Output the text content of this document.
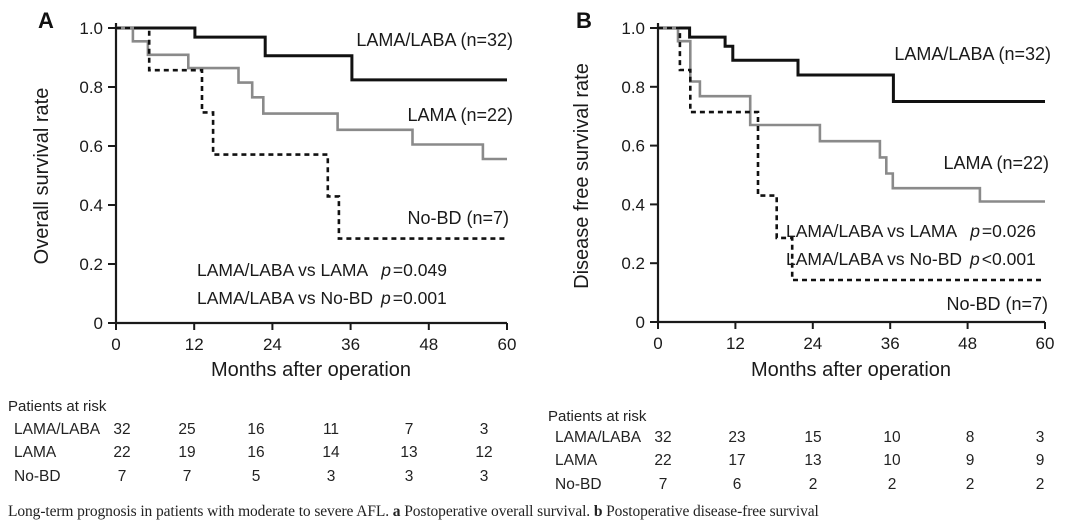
A
Overall survival rate
Months after operation
0	12	24	36	48	60
1.0
0.8
0.6
0.4
0.2
0
LAMA/LABA (n=32)
LAMA (n=22)
No-BD (n=7)
LAMA/LABA vs LAMA p =0.049
LAMA/LABA vs No-BD p =0.001
B
Disease free survival rate
Months after operation
0	12	24	36	48	60
1.0
0.8
0.6
0.4
0.2
0
LAMA/LABA (n=32)
LAMA (n=22)
No-BD (n=7)
LAMA/LABA vs LAMA p =0.026
LAMA/LABA vs No-BD p <0.001
Patients at risk
LAMA/LABA 32	25	16	11	7	3
LAMA	22	19	16	14	13	12
No-BD	7	7	5	3	3	3
Patients at risk
LAMA/LABA 32	23	15	10	8	3
LAMA	22	17	13	10	9	9
No-BD	7	6	2	2	2	2
Long-term prognosis in patients with moderate to severe AFL. a Postoperative overall survival. b Postoperative disease-free survival
